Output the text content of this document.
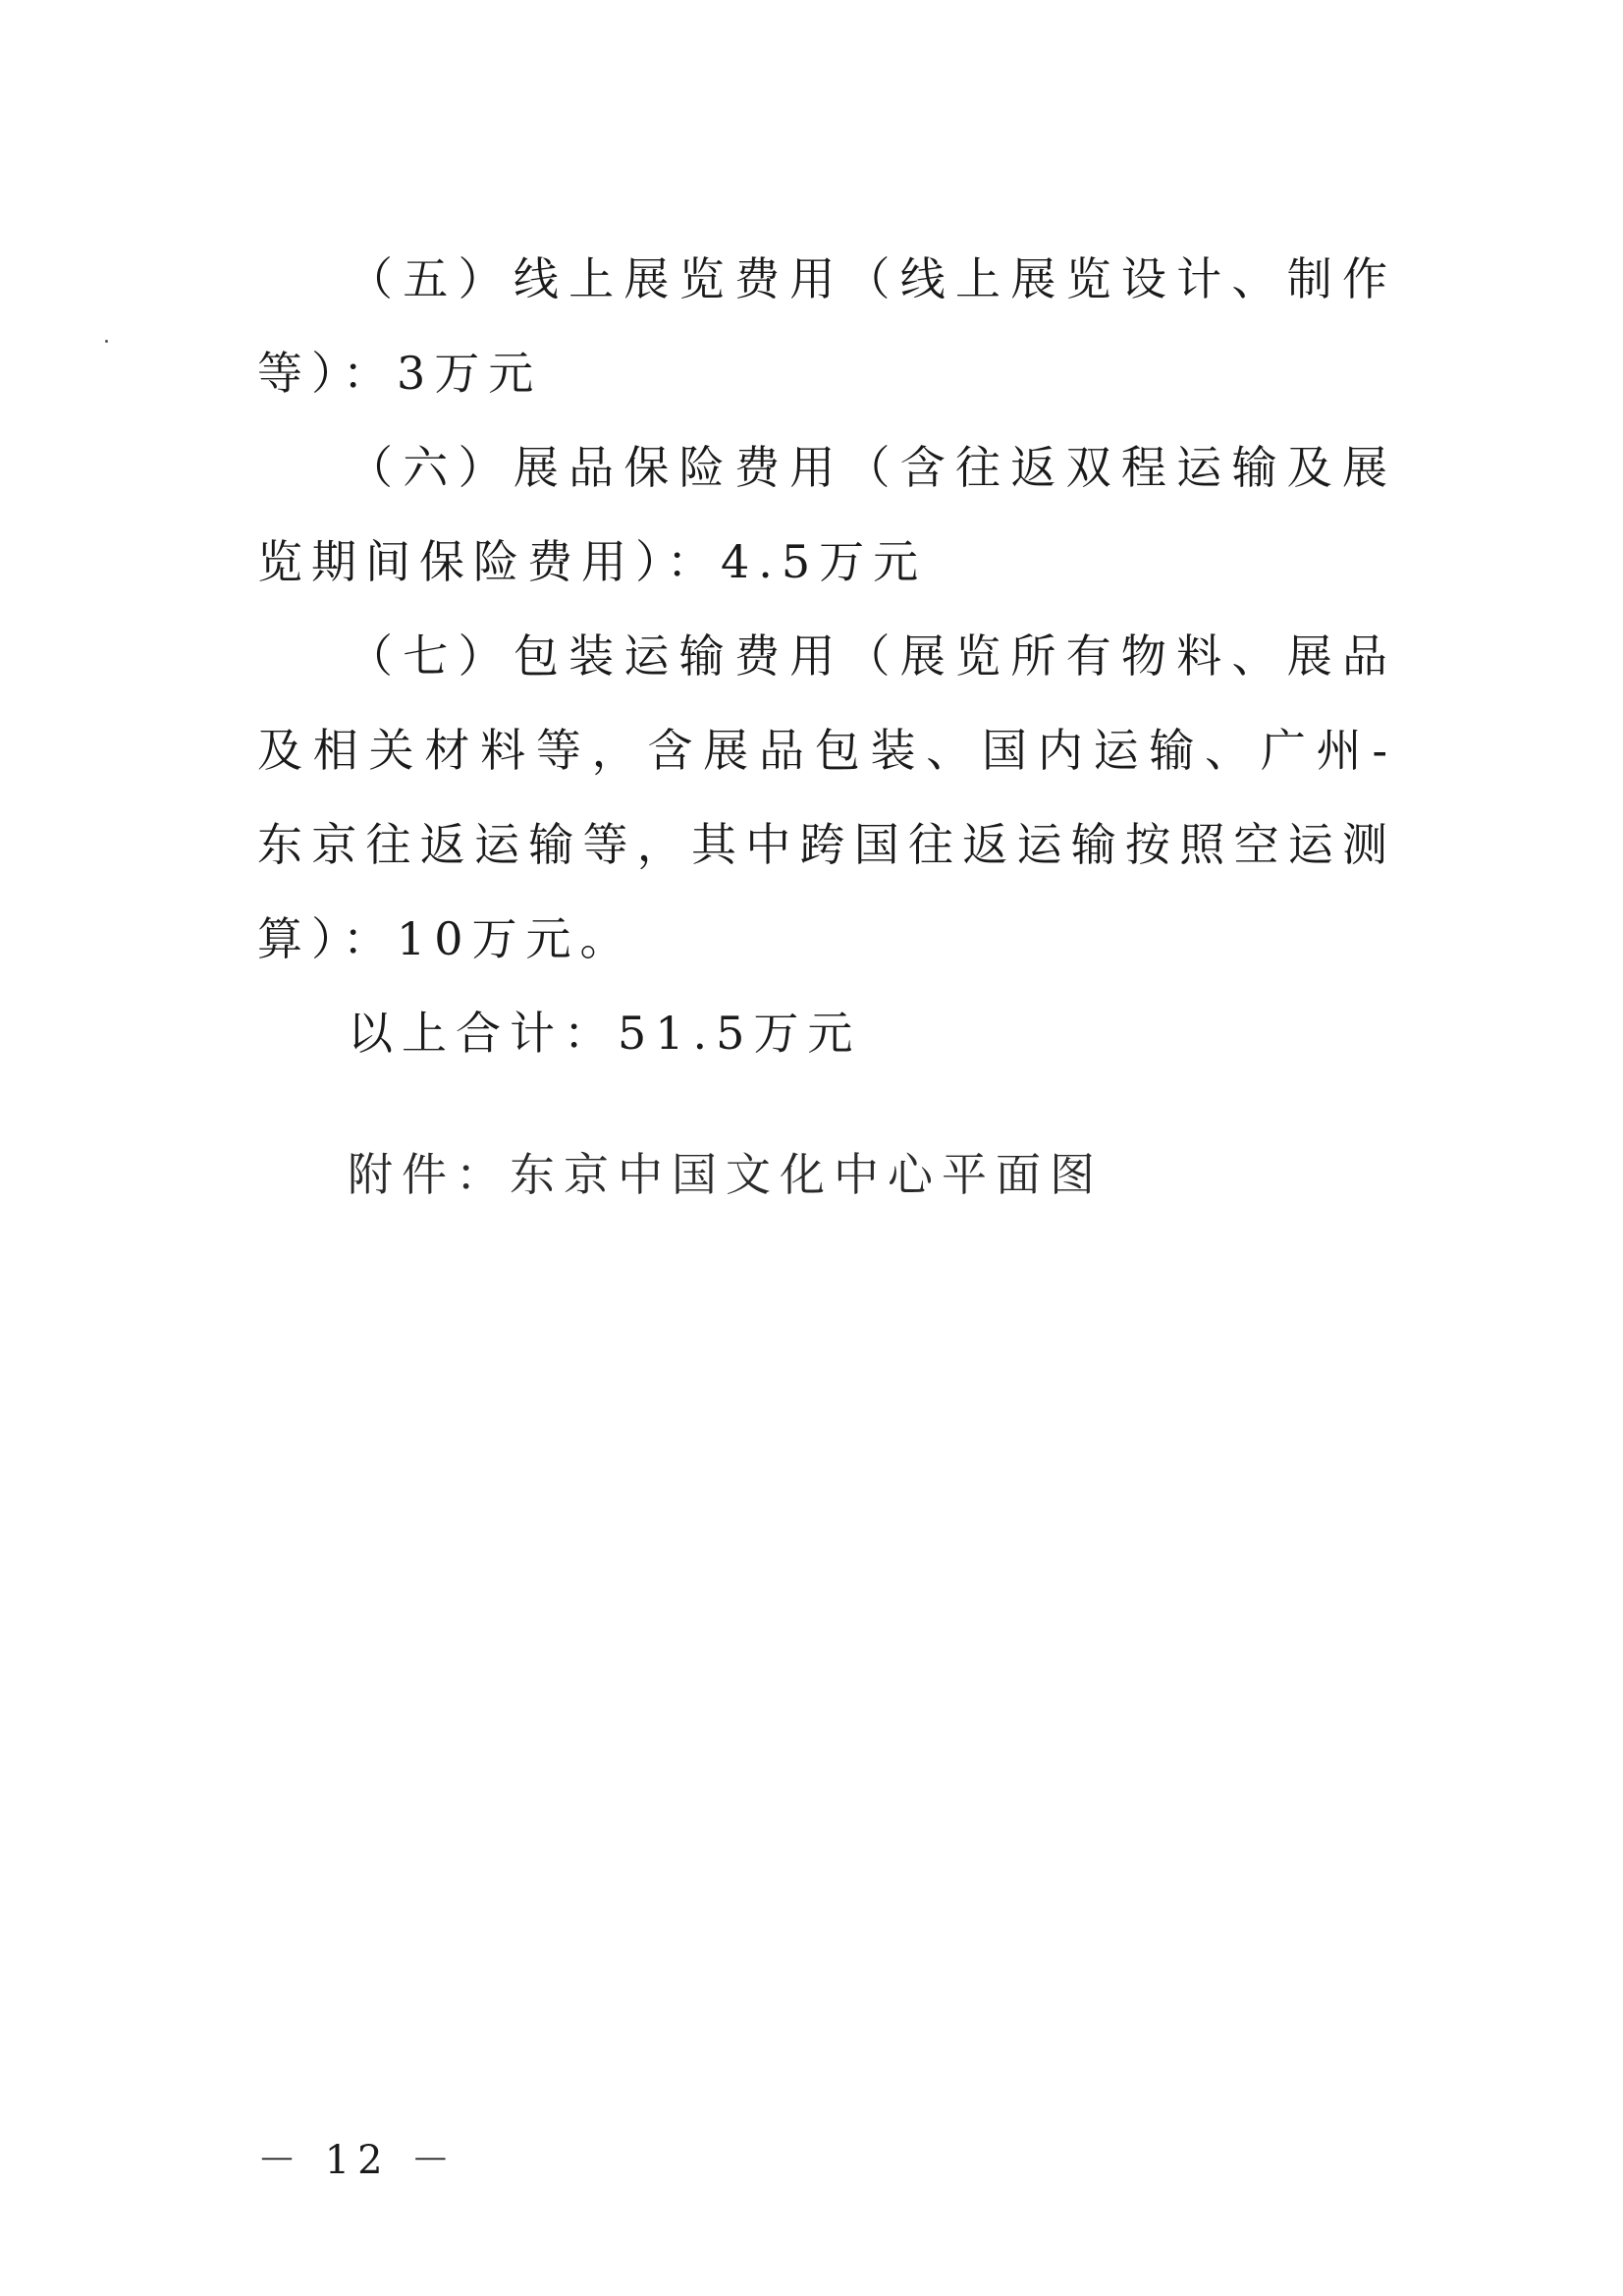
（五）线上展览费用（线上展览设计、制作等）：3万元

（六）展品保险费用（含往返双程运输及展览期间保险费用）：4.5万元

（七）包装运输费用（展览所有物料、展品及相关材料等，含展品包装、国内运输、广州-东京往返运输等，其中跨国往返运输按照空运测算）：10万元。

以上合计：51.5万元

附件：东京中国文化中心平面图

－ 12 －
